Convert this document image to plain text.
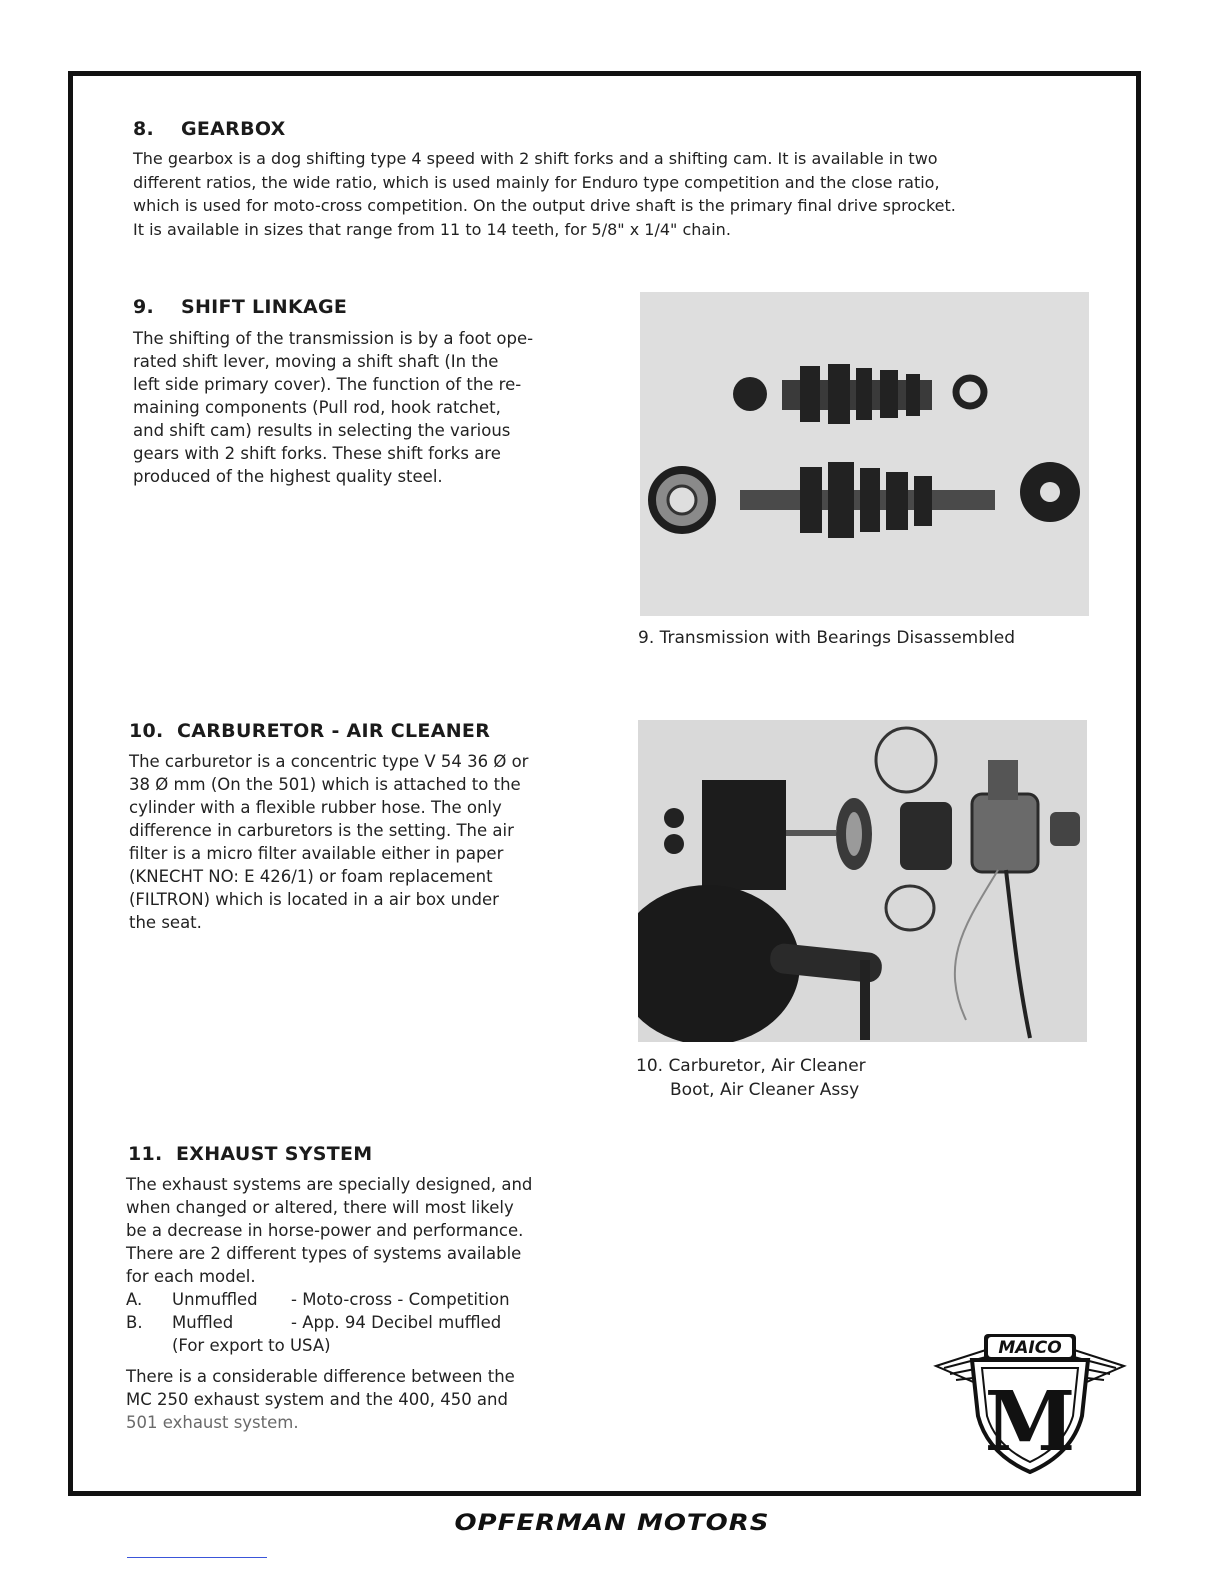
8. GEARBOX
The gearbox is a dog shifting type 4 speed with 2 shift forks and a shifting cam. It is available in two
different ratios, the wide ratio, which is used mainly for Enduro type competition and the close ratio,
which is used for moto-cross competition. On the output drive shaft is the primary final drive sprocket.
It is available in sizes that range from 11 to 14 teeth, for 5/8" x 1/4" chain.
9. SHIFT LINKAGE
The shifting of the transmission is by a foot ope-
rated shift lever, moving a shift shaft (In the
left side primary cover). The function of the re-
maining components (Pull rod, hook ratchet,
and shift cam) results in selecting the various
gears with 2 shift forks. These shift forks are
produced of the highest quality steel.
9. Transmission with Bearings Disassembled
10. CARBURETOR - AIR CLEANER
The carburetor is a concentric type V 54 36 Ø or
38 Ø mm (On the 501) which is attached to the
cylinder with a flexible rubber hose. The only
difference in carburetors is the setting. The air
filter is a micro filter available either in paper
(KNECHT NO: E 426/1) or foam replacement
(FILTRON) which is located in a air box under
the seat.
10. Carburetor, Air Cleaner
Boot, Air Cleaner Assy
11. EXHAUST SYSTEM
The exhaust systems are specially designed, and
when changed or altered, there will most likely
be a decrease in horse-power and performance.
There are 2 different types of systems available
for each model.
A. Unmuffled - Moto-cross - Competition
B. Muffled	- App. 94 Decibel muffled
(For export to USA)
There is a considerable difference between the
MC 250 exhaust system and the 400, 450 and
501 exhaust system.
MAICO
M
OPFERMAN MOTORS
